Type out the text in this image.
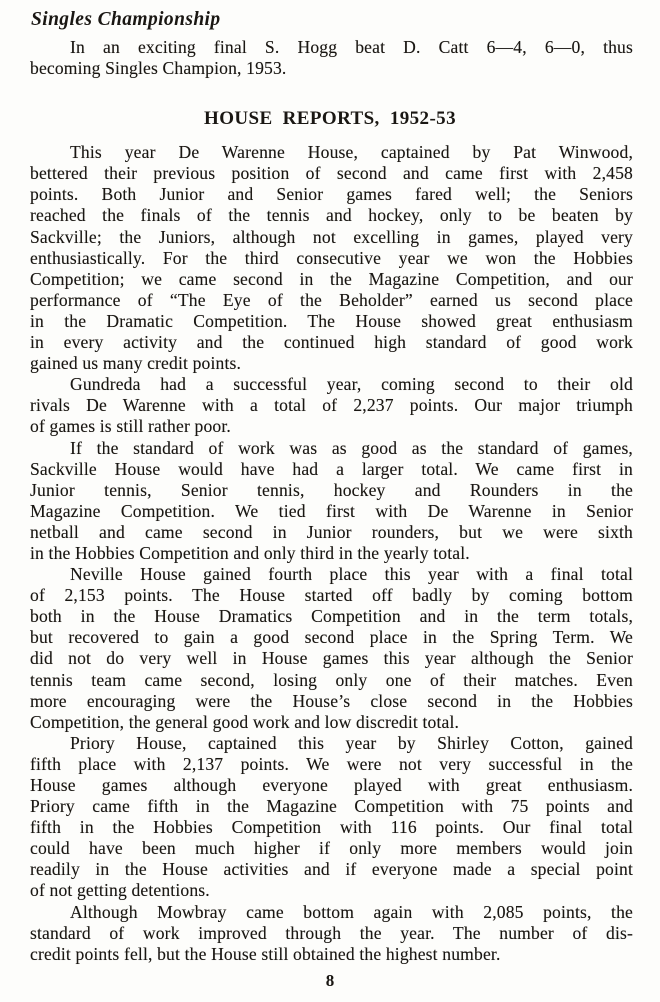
Singles Championship
In an exciting final S. Hogg beat D. Catt 6—4, 6—0, thus
becoming Singles Champion, 1953.
HOUSE REPORTS, 1952-53
This year De Warenne House, captained by Pat Winwood,
bettered their previous position of second and came first with 2,458
points. Both Junior and Senior games fared well; the Seniors
reached the finals of the tennis and hockey, only to be beaten by
Sackville; the Juniors, although not excelling in games, played very
enthusiastically. For the third consecutive year we won the Hobbies
Competition; we came second in the Magazine Competition, and our
performance of “The Eye of the Beholder” earned us second place
in the Dramatic Competition. The House showed great enthusiasm
in every activity and the continued high standard of good work
gained us many credit points.
Gundreda had a successful year, coming second to their old
rivals De Warenne with a total of 2,237 points. Our major triumph
of games is still rather poor.
If the standard of work was as good as the standard of games,
Sackville House would have had a larger total. We came first in
Junior tennis, Senior tennis, hockey and Rounders in the
Magazine Competition. We tied first with De Warenne in Senior
netball and came second in Junior rounders, but we were sixth
in the Hobbies Competition and only third in the yearly total.
Neville House gained fourth place this year with a final total
of 2,153 points. The House started off badly by coming bottom
both in the House Dramatics Competition and in the term totals,
but recovered to gain a good second place in the Spring Term. We
did not do very well in House games this year although the Senior
tennis team came second, losing only one of their matches. Even
more encouraging were the House’s close second in the Hobbies
Competition, the general good work and low discredit total.
Priory House, captained this year by Shirley Cotton, gained
fifth place with 2,137 points. We were not very successful in the
House games although everyone played with great enthusiasm.
Priory came fifth in the Magazine Competition with 75 points and
fifth in the Hobbies Competition with 116 points. Our final total
could have been much higher if only more members would join
readily in the House activities and if everyone made a special point
of not getting detentions.
Although Mowbray came bottom again with 2,085 points, the
standard of work improved through the year. The number of dis-
credit points fell, but the House still obtained the highest number.
8
